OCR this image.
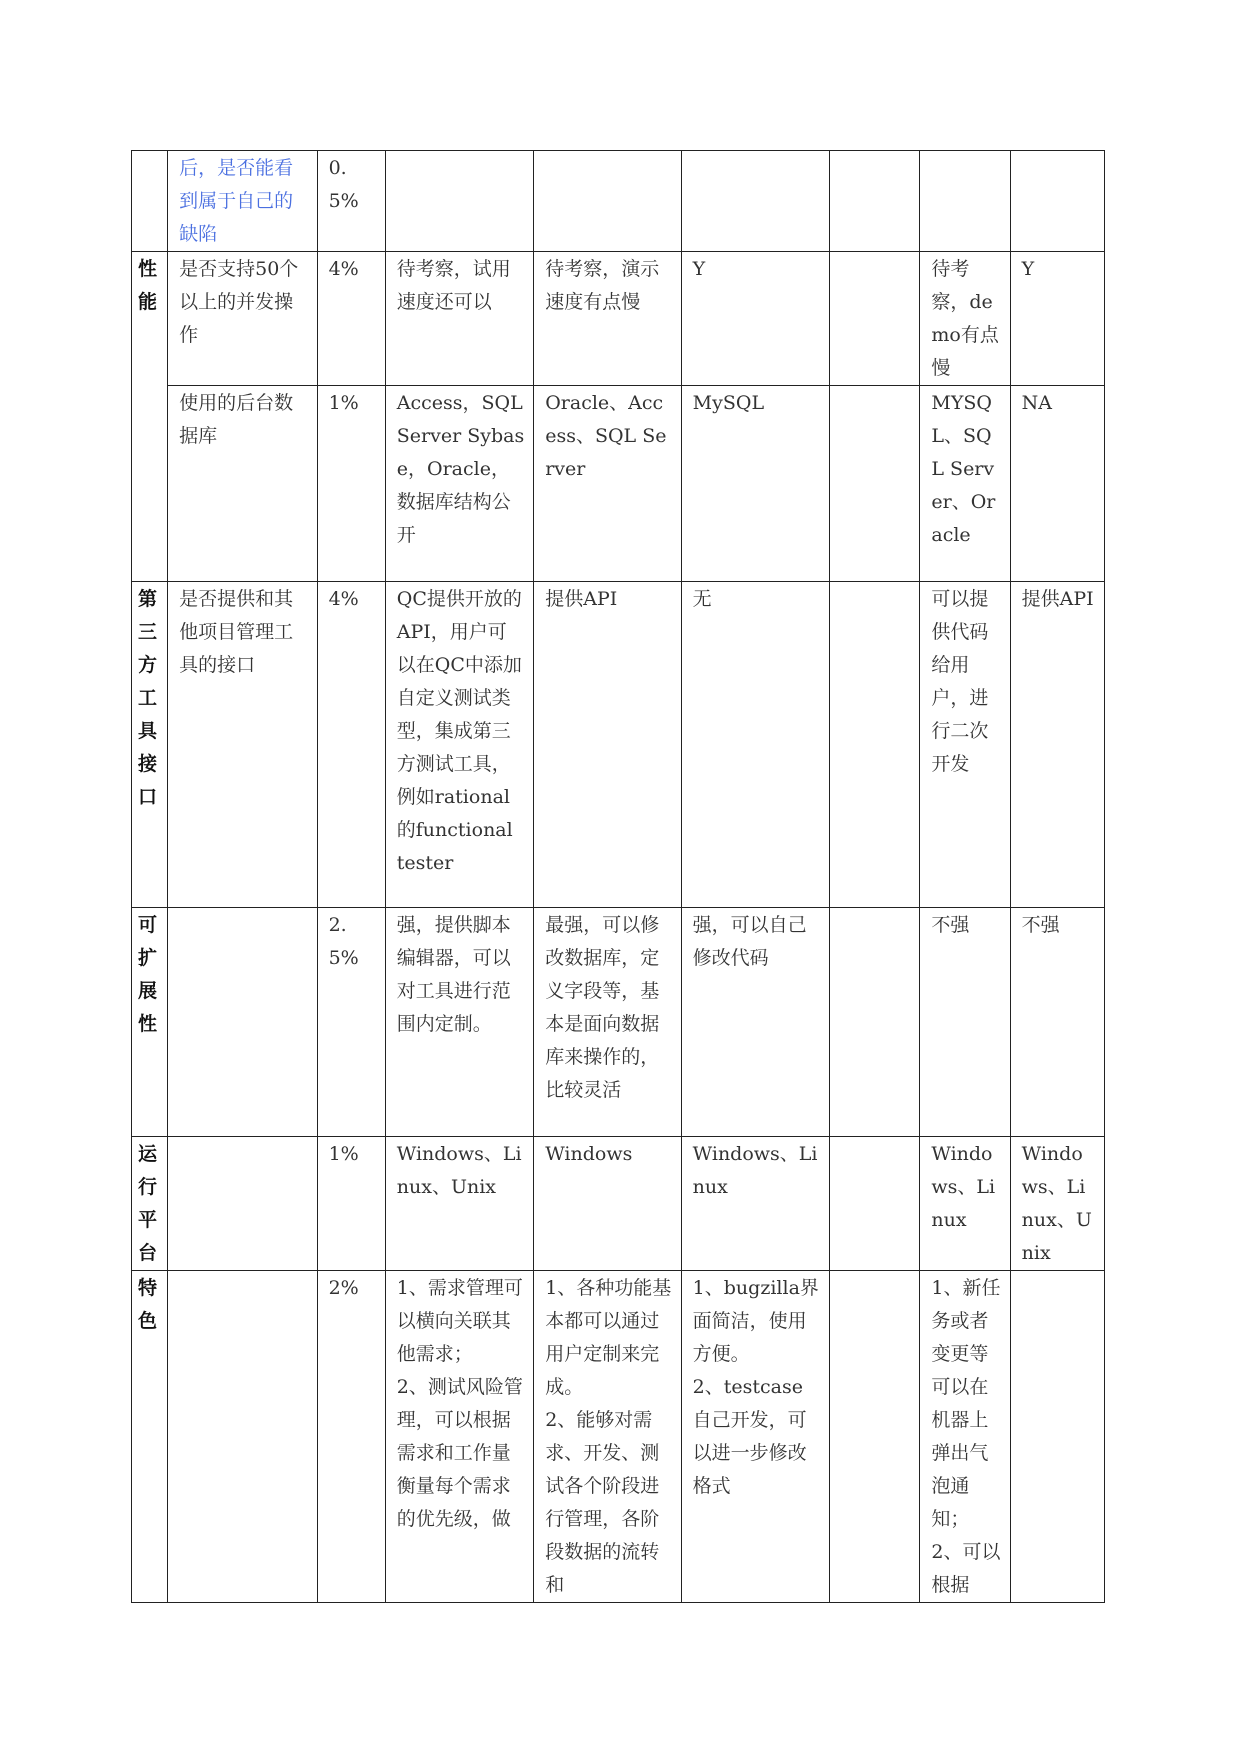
	后，是否能看到属于自己的缺陷	0.5%						
性能	是否支持50个以上的并发操作	4%	待考察，试用速度还可以	待考察，演示速度有点慢	Y		待考察，demo有点慢	Y
	使用的后台数据库	1%	Access，SQL Server Sybase，Oracle，数据库结构公开	Oracle、Access、SQL Server	MySQL		MYSQL、SQL Server、Oracle	NA
第三方工具接口	是否提供和其他项目管理工具的接口	4%	QC提供开放的API，用户可以在QC中添加自定义测试类型，集成第三方测试工具，例如rational的functional tester	提供API	无		可以提供代码给用户，进行二次开发	提供API
可扩展性		2.5%	强，提供脚本编辑器，可以对工具进行范围内定制。	最强，可以修改数据库，定义字段等，基本是面向数据库来操作的，比较灵活	强，可以自己修改代码		不强	不强
运行平台		1%	Windows、Linux、Unix	Windows	Windows、Linux		Windows、Linux	Windows、Linux、Unix
特色		2%	1、需求管理可以横向关联其他需求；
2、测试风险管理，可以根据需求和工作量衡量每个需求的优先级，做	1、各种功能基本都可以通过用户定制来完成。
2、能够对需求、开发、测试各个阶段进行管理，各阶段数据的流转和	1、bugzilla界面简洁，使用方便。
2、testcase自己开发，可以进一步修改格式		1、新任务或者变更等可以在机器上弹出气泡通知；
2、可以根据	
